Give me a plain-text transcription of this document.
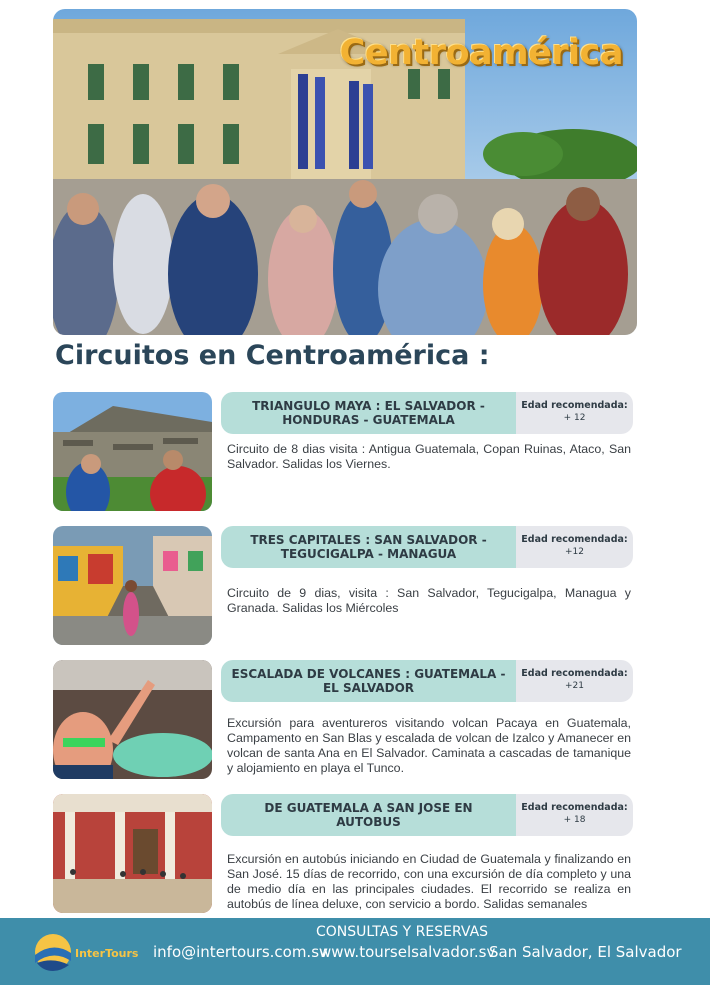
Centroamérica
Circuitos en Centroamérica :
TRIANGULO MAYA : EL SALVADOR - HONDURAS - GUATEMALA
Edad recomendada:
+ 12

Circuito de 8 dias visita : Antigua Guatemala, Copan Ruinas, Ataco, San Salvador. Salidas los Viernes.

TRES CAPITALES : SAN SALVADOR - TEGUCIGALPA - MANAGUA
Edad recomendada:
+12

Circuito de 9 dias, visita : San Salvador, Tegucigalpa, Managua y Granada. Salidas los Miércoles

ESCALADA DE VOLCANES : GUATEMALA - EL SALVADOR
Edad recomendada:
+21

Excursión para aventureros visitando volcan Pacaya en Guatemala, Campamento en San Blas y escalada de volcan de Izalco y Amanecer en volcan de santa Ana en El Salvador. Caminata a cascadas de tamanique y alojamiento en playa el Tunco.

DE GUATEMALA A SAN JOSE EN AUTOBUS
Edad recomendada:
+ 18

Excursión en autobús iniciando en Ciudad de Guatemala y finalizando en San José. 15 días de recorrido, con una excursión de día completo y una de medio día en las principales ciudades. El recorrido se realiza en autobús de línea deluxe, con servicio a bordo. Salidas semanales

InterTours
CONSULTAS Y RESERVAS
info@intertours.com.sv
www.tourselsalvador.sv
San Salvador, El Salvador
